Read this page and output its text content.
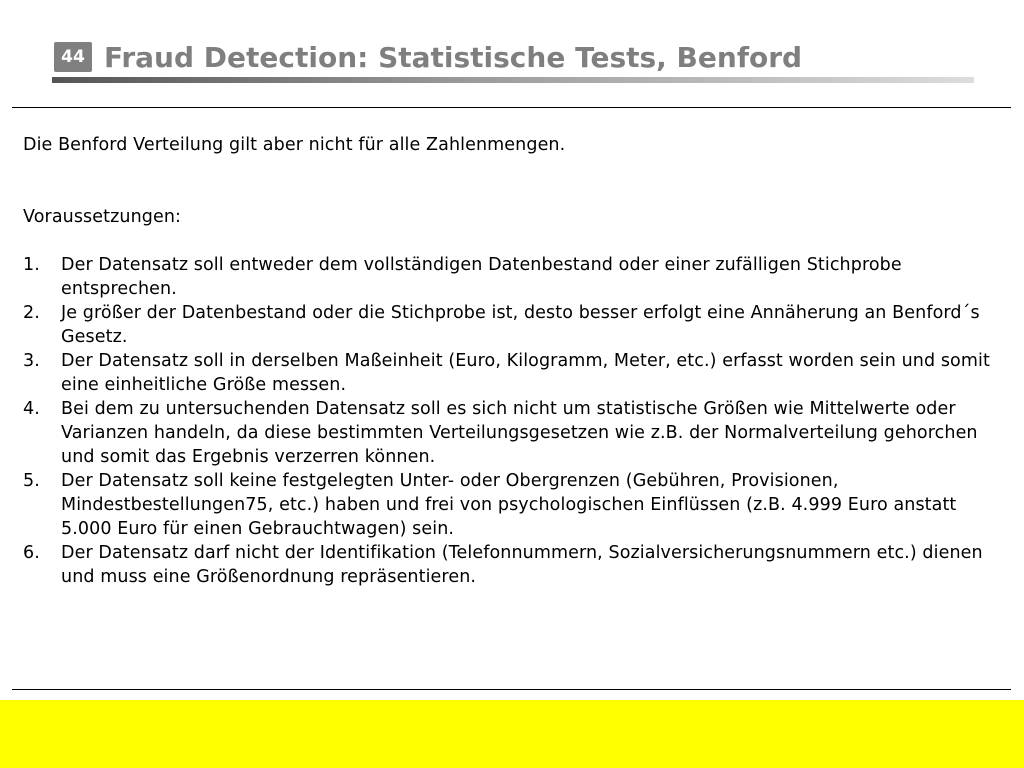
44 Fraud Detection: Statistische Tests, Benford

Die Benford Verteilung gilt aber nicht für alle Zahlenmengen.

Voraussetzungen:

1.	Der Datensatz soll entweder dem vollständigen Datenbestand oder einer zufälligen Stichprobe entsprechen.
2.	Je größer der Datenbestand oder die Stichprobe ist, desto besser erfolgt eine Annäherung an Benford´s Gesetz.
3.	Der Datensatz soll in derselben Maßeinheit (Euro, Kilogramm, Meter, etc.) erfasst worden sein und somit eine einheitliche Größe messen.
4.	Bei dem zu untersuchenden Datensatz soll es sich nicht um statistische Größen wie Mittelwerte oder Varianzen handeln, da diese bestimmten Verteilungsgesetzen wie z.B. der Normalverteilung gehorchen und somit das Ergebnis verzerren können.
5.	Der Datensatz soll keine festgelegten Unter- oder Obergrenzen (Gebühren, Provisionen, Mindestbestellungen75, etc.) haben und frei von psychologischen Einflüssen (z.B. 4.999 Euro anstatt 5.000 Euro für einen Gebrauchtwagen) sein.
6.	Der Datensatz darf nicht der Identifikation (Telefonnummern, Sozialversicherungsnummern etc.) dienen und muss eine Größenordnung repräsentieren.
